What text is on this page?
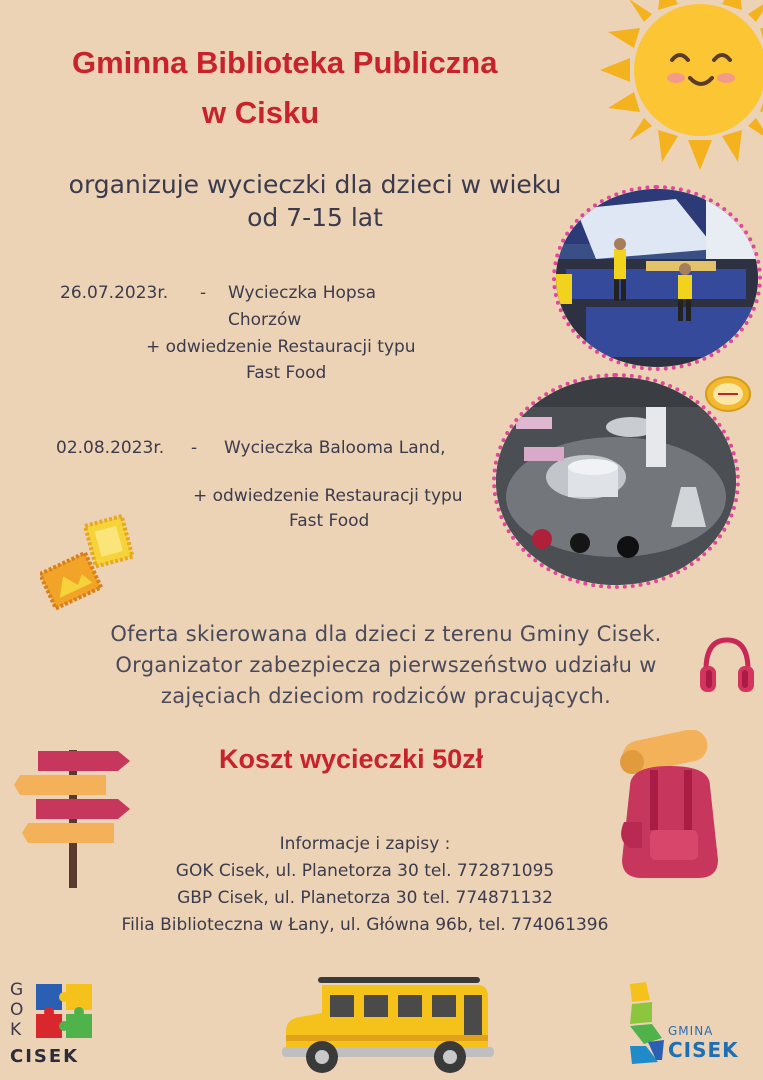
Gminna Biblioteka Publiczna
w Cisku
organizuje wycieczki dla dzieci w wieku
od 7-15 lat
26.07.2023r. - Wycieczka Hopsa
Chorzów
+ odwiedzenie Restauracji typu
Fast Food
02.08.2023r. - Wycieczka Balooma Land,
+ odwiedzenie Restauracji typu
Fast Food
Oferta skierowana dla dzieci z terenu Gminy Cisek.
Organizator zabezpiecza pierwszeństwo udziału w
zajęciach dzieciom rodziców pracujących.
Koszt wycieczki 50zł
Informacje i zapisy :
GOK Cisek, ul. Planetorza 30 tel. 772871095
GBP Cisek, ul. Planetorza 30 tel. 774871132
Filia Biblioteczna w Łany, ul. Główna 96b, tel. 774061396
GOK
CISEK
GMINA
CISEK
